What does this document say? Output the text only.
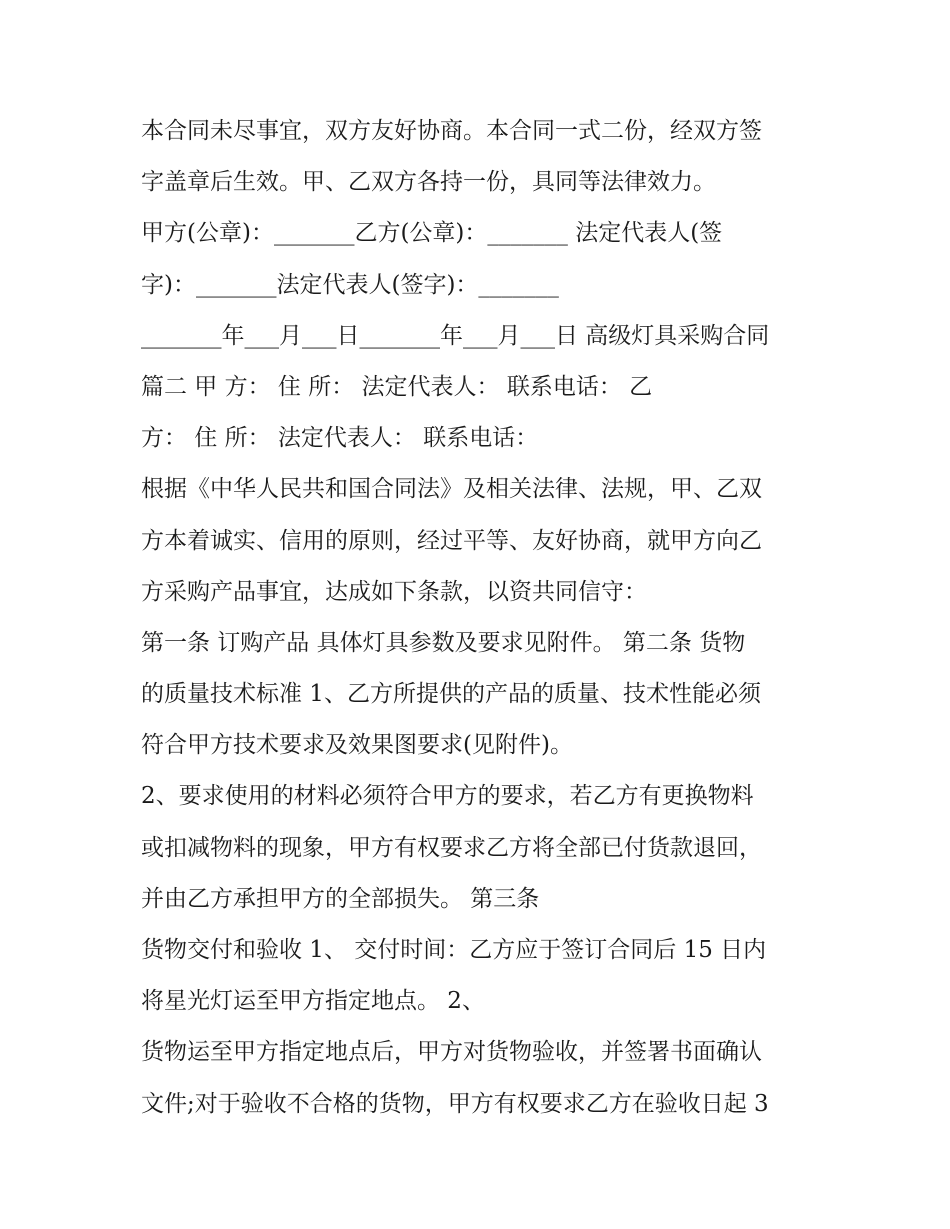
本合同未尽事宜，双方友好协商。本合同一式二份，经双方签
字盖章后生效。甲、乙双方各持一份，具同等法律效力。
甲方(公章)：_______乙方(公章)：_______ 法定代表人(签
字)：_______法定代表人(签字)：_______
_______年___月___日_______年___月___日 高级灯具采购合同
篇二 甲 方： 住 所： 法定代表人： 联系电话： 乙
方： 住 所： 法定代表人： 联系电话：
根据《中华人民共和国合同法》及相关法律、法规，甲、乙双
方本着诚实、信用的原则，经过平等、友好协商，就甲方向乙
方采购产品事宜，达成如下条款，以资共同信守：
第一条 订购产品 具体灯具参数及要求见附件。 第二条 货物
的质量技术标准 1、乙方所提供的产品的质量、技术性能必须
符合甲方技术要求及效果图要求(见附件)。
2、要求使用的材料必须符合甲方的要求，若乙方有更换物料
或扣减物料的现象，甲方有权要求乙方将全部已付货款退回，
并由乙方承担甲方的全部损失。 第三条
货物交付和验收 1、 交付时间：乙方应于签订合同后 15 日内
将星光灯运至甲方指定地点。 2、
货物运至甲方指定地点后，甲方对货物验收，并签署书面确认
文件;对于验收不合格的货物，甲方有权要求乙方在验收日起 3
